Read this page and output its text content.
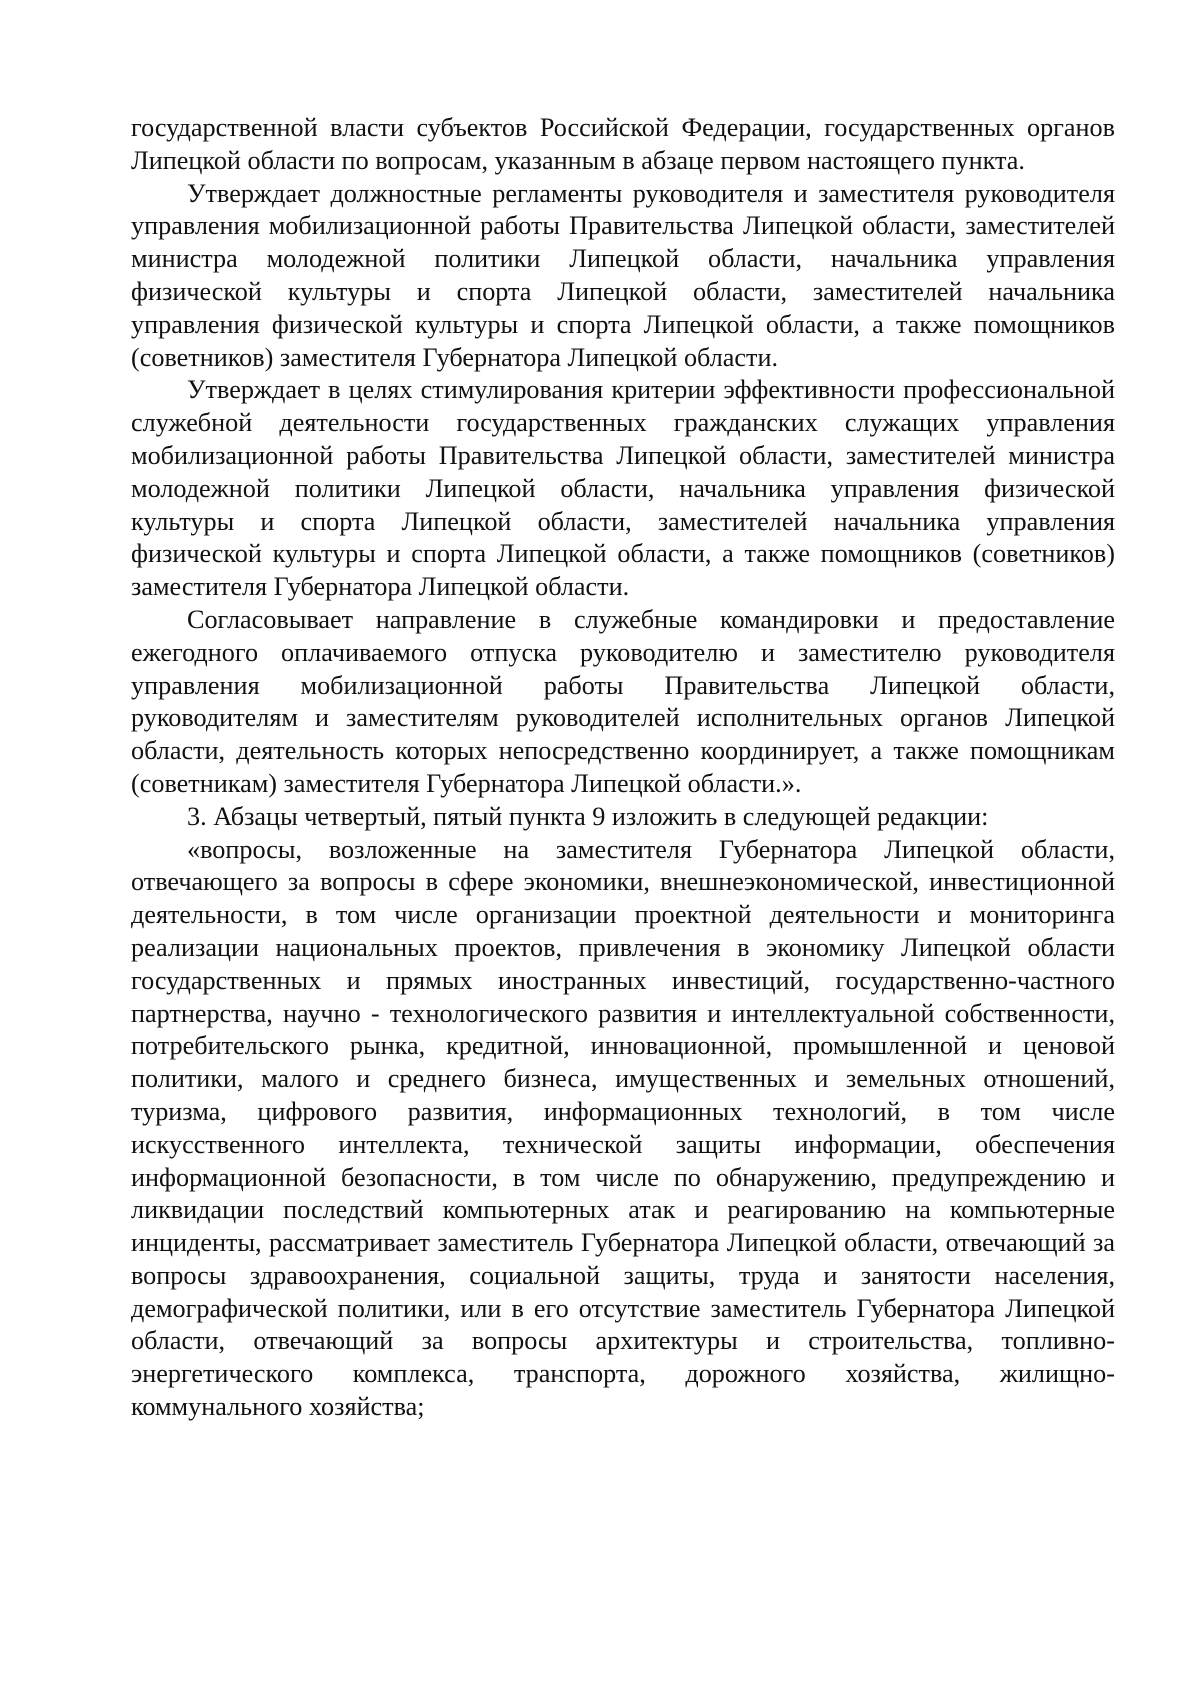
государственной власти субъектов Российской Федерации, государственных органов Липецкой области по вопросам, указанным в абзаце первом настоящего пункта.

Утверждает должностные регламенты руководителя и заместителя руководителя управления мобилизационной работы Правительства Липецкой области, заместителей министра молодежной политики Липецкой области, начальника управления физической культуры и спорта Липецкой области, заместителей начальника управления физической культуры и спорта Липецкой области, а также помощников (советников) заместителя Губернатора Липецкой области.

Утверждает в целях стимулирования критерии эффективности профессиональной служебной деятельности государственных гражданских служащих управления мобилизационной работы Правительства Липецкой области, заместителей министра молодежной политики Липецкой области, начальника управления физической культуры и спорта Липецкой области, заместителей начальника управления физической культуры и спорта Липецкой области, а также помощников (советников) заместителя Губернатора Липецкой области.

Согласовывает направление в служебные командировки и предоставление ежегодного оплачиваемого отпуска руководителю и заместителю руководителя управления мобилизационной работы Правительства Липецкой области, руководителям и заместителям руководителей исполнительных органов Липецкой области, деятельность которых непосредственно координирует, а также помощникам (советникам) заместителя Губернатора Липецкой области.».

3. Абзацы четвертый, пятый пункта 9 изложить в следующей редакции:

«вопросы, возложенные на заместителя Губернатора Липецкой области, отвечающего за вопросы в сфере экономики, внешнеэкономической, инвестиционной деятельности, в том числе организации проектной деятельности и мониторинга реализации национальных проектов, привлечения в экономику Липецкой области государственных и прямых иностранных инвестиций, государственно-частного партнерства, научно - технологического развития и интеллектуальной собственности, потребительского рынка, кредитной, инновационной, промышленной и ценовой политики, малого и среднего бизнеса, имущественных и земельных отношений, туризма, цифрового развития, информационных технологий, в том числе искусственного интеллекта, технической защиты информации, обеспечения информационной безопасности, в том числе по обнаружению, предупреждению и ликвидации последствий компьютерных атак и реагированию на компьютерные инциденты, рассматривает заместитель Губернатора Липецкой области, отвечающий за вопросы здравоохранения, социальной защиты, труда и занятости населения, демографической политики, или в его отсутствие заместитель Губернатора Липецкой области, отвечающий за вопросы архитектуры и строительства, топливно-энергетического комплекса, транспорта, дорожного хозяйства, жилищно-коммунального хозяйства;
